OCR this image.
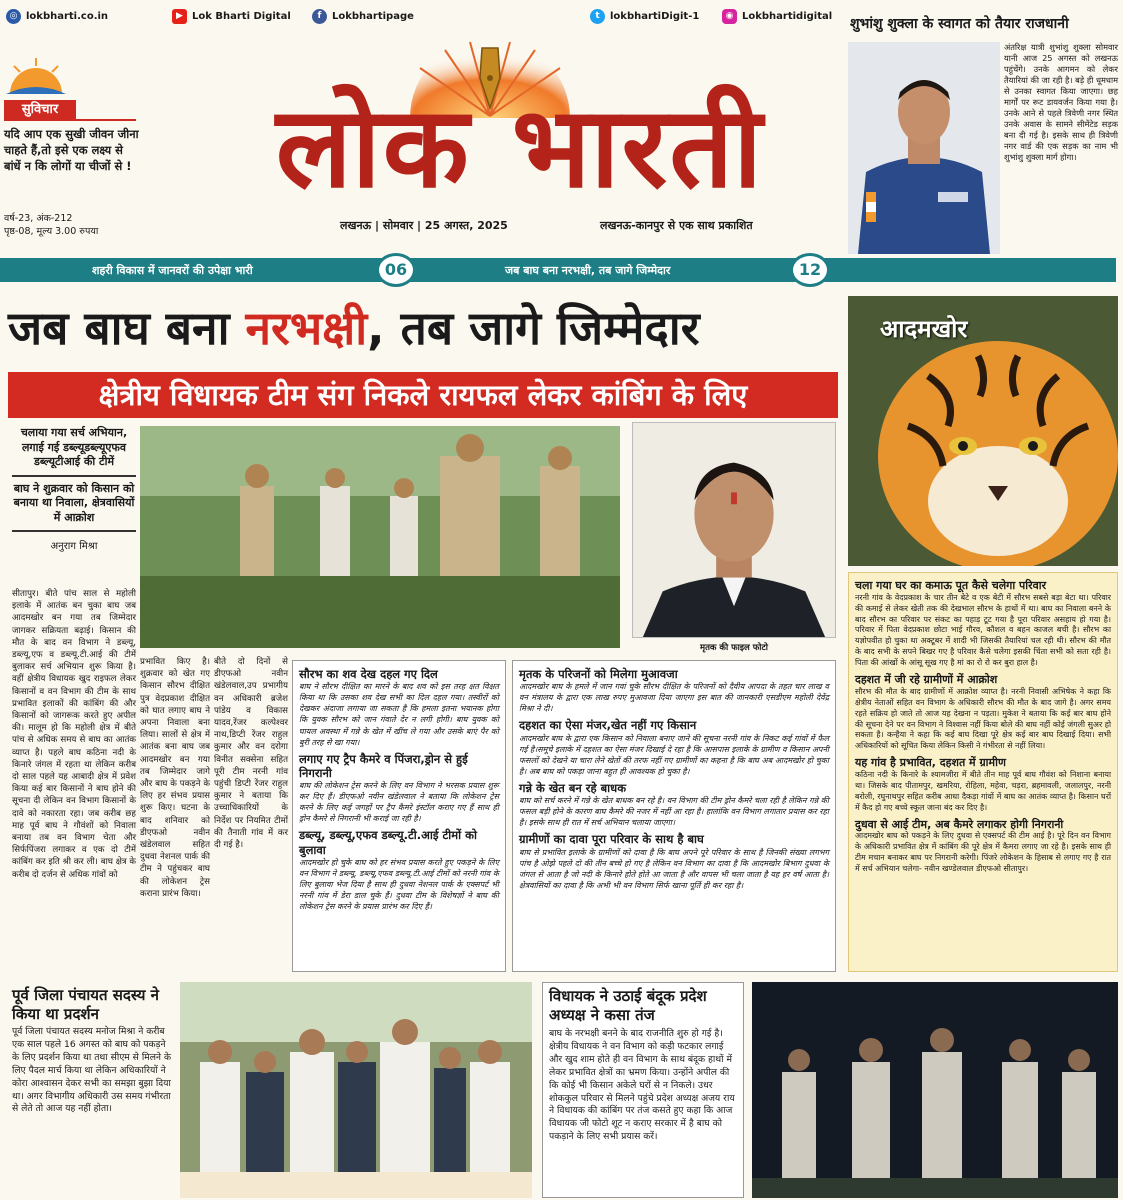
◎ lokbharti.co.in	▶ Lok Bharti Digital	f	Lokbhartipage	t	lokbhartiDigit-1	◉ Lokbhartidigital
लोक भारती
लखनऊ | सोमवार | 25 अगस्त, 2025	लखनऊ-कानपुर से एक साथ प्रकाशित
सुविचार
यदि आप एक सुखी जीवन जीना चाहते हैं,तो इसे एक लक्ष्य से बांधें न कि लोगों या चीजों से !
वर्ष-23, अंक-212
पृष्ठ-08, मूल्य 3.00 रुपया
शुभांशु शुक्ला के स्वागत को तैयार राजधानी
अंतरिक्ष यात्री शुभांशु शुक्ला सोमवार यानी आज 25 अगस्त को लखनऊ पहुंचेंगे। उनके आगमन को लेकर तैयारियां की जा रही है। बड़े ही धूमधाम से उनका स्वागत किया जाएगा। छह मार्गों पर रूट डायवर्जन किया गया है। उनके आने से पहले त्रिवेणी नगर स्थित उनके अवास के सामने सीमेंटेड सड़क बना दी गई है। इसके साथ ही त्रिवेणी नगर वार्ड की एक सड़क का नाम भी शुभांशु शुक्ला मार्ग होगा।
शहरी विकास में जानवरों की उपेक्षा भारी	06	जब बाघ बना नरभक्षी, तब जागे जिम्मेदार	12
जब बाघ बना नरभक्षी, तब जागे जिम्मेदार
क्षेत्रीय विधायक टीम संग निकले रायफल लेकर कांबिंग के लिए
आदमखोर
चलाया गया सर्च अभियान, लगाई गई डब्ल्यूडब्ल्यूएफव डब्ल्यूटीआई की टीमें
बाघ ने शुक्रवार को किसान को बनाया था निवाला, क्षेत्रवासियों में आक्रोश
अनुराग मिश्रा
सीतापुर। बीते पांच साल से महोली इलाके में आतंक बन चुका बाघ जब आदमखोर बन गया तब जिम्मेदार जागकर सक्रियता बढ़ाई। किसान की मौत के बाद वन विभाग ने डब्ल्यू, डब्ल्यू,एफ व डब्ल्यू.टी.आई की टीमें बुलाकर सर्च अभियान शुरू किया है। वहीं क्षेत्रीय विधायक खुद राइफल लेकर किसानों व वन विभाग की टीम के साथ प्रभावित इलाकों की कांबिंग की और किसानों को जागरूक करते हुए अपील की। मालूम हो कि महोली क्षेत्र में बीते पांच से अधिक समय से बाघ का आतंक व्याप्त है। पहले बाघ कठिना नदी के किनारे जंगल में रहता था लेकिन करीब दो साल पहले यह आबादी क्षेत्र में प्रवेश किया कई बार किसानों ने बाघ होने की सूचना दी लेकिन वन विभाग किसानों के दावे को नकारता रहा। जब करीब छह माह पूर्व बाघ ने गौवंशों को निवाला बनाया तब वन विभाग चेता और सिर्फपिंजरा लगाकर व एक दो टीमें कांबिंग कर इति श्री कर ली। बाघ क्षेत्र के करीब दो दर्जन से अधिक गांवों को
प्रभावित किए है। शुक्रवार को खेत गए किसान सौरभ दीक्षित पुत्र वेदप्रकाश दीक्षित को घात लगाए बाघ ने अपना निवाला बना लिया। सालों से क्षेत्र में आतंक बना बाघ जब आदमखोर बन गया तब जिम्मेदार जागे और बाघ के पकड़ने के लिए हर संभव प्रयास शुरू किए। घटना के बाद शनिवार को डीएफओ नवीन खंडेलवाल सहित दुधवा नेशनल पार्क की टीम ने पहुंचकर बाघ की लोकेशन ट्रेस कराना प्रारंभ किया।
बीते दो दिनों से डीएफओ नवीन खंडेलवाल,उप प्रभागीय वन अधिकारी ब्रजेश पांडेय व विकास यादव,रेंजर कल्पेश्वर नाथ,डिप्टी रेंजर राहुल कुमार और वन दरोगा विनीत सक्सेना सहित पूरी टीम नरनी गांव पहुंची डिप्टी रेंजर राहुल कुमार ने बताया कि उच्चाधिकारियों के निर्देश पर नियमित टीमों की तैनाती गांव में कर दी गई है।
मृतक की फाइल फोटो
सौरभ का शव देख दहल गए दिल
बाघ ने सौरभ दीक्षित का मारने के बाद शव को इस तरह क्षत विक्षत किया था कि उसका शव देख सभी का दिल दहल गया। तस्वीरों को देखकर अंदाजा लगाया जा सकता है कि हमला इतना भयानक होगा कि युवक सौरभ को जान गंवाते देर न लगी होगी। बाघ युवक को घायल अवस्था में गन्ने के खेत में खींच ले गया और उसके बाएं पैर को बुरी तरह से खा गया।
लगाए गए ट्रैप कैमरे व पिंजरा,ड्रोन से हुई निगरानी
बाघ की लोकेशन ट्रेस करने के लिए वन विभाग ने भरसक प्रयास शुरू कर दिए हैं। डीएफओ नवीन खंडेलवाल ने बताया कि लोकेशन ट्रेस करने के लिए कई जगहों पर ट्रैप कैमरे इंस्टॉल कराए गए हैं साथ ही ड्रोन कैमरे से निगरानी भी कराई जा रही है।
डब्ल्यू, डब्ल्यू,एफव डब्ल्यू.टी.आई टीमों को बुलावा
आदमखोर हो चुके बाघ को हर संभव प्रयास करते हुए पकड़ने के लिए वन विभाग ने डब्ल्यू, डब्ल्यू,एफव डब्ल्यू.टी.आई टीमों को नरनी गांव के लिए बुलावा भेज दिया है साथ ही दुधवा नेशनल पार्क के एक्सपर्ट भी नरनी गांव में डेरा डाल चुके हैं। दुधवा टीम के विशेषज्ञों ने बाघ की लोकेशन ट्रेस करने के प्रयास प्रारंभ कर दिए हैं।
मृतक के परिजनों को मिलेगा मुआवजा
आदमखोर बाघ के हमले में जान गवां चुके सौरभ दीक्षित के परिजनों को दैवीय आपदा के तहत चार लाख व वन मंत्रालय के द्वारा एक लाख रुपए मुआवजा दिया जाएगा इस बात की जानकारी एसडीएम महोली देवेंद्र मिश्रा ने दी।
दहशत का ऐसा मंजर,खेत नहीं गए किसान
आदमखोर बाघ के द्वारा एक किसान को निवाला बनाए जाने की सूचना नरनी गांव के निकट कई गांवों में फैल गई है।समूचे इलाके में दहशत का ऐसा मंजर दिखाई दे रहा है कि आसपास इलाके के ग्रामीण व किसान अपनी फसलों को देखने या चारा लेने खेतों की तरफ नहीं गए ग्रामीणों का कहना है कि बाघ अब आदमखोर हो चुका है। अब बाघ को पकड़ा जाना बहुत ही आवश्यक हो चुका है।
गन्ने के खेत बन रहे बाधक
बाघ को सर्च करने में गन्ने के खेत बाधक बन रहे है। वन विभाग की टीम ड्रोन कैमरे चला रही है लेकिन गन्ने की फसल बड़ी होने के कारण बाघ कैमरे की नजर में नहीं आ रहा है। हालांकि वन विभाग लगातार प्रयास कर रहा है। इसके साथ ही रात में सर्च अभियान चलाया जाएगा।
ग्रामीणों का दावा पूरा परिवार के साथ है बाघ
बाघ से प्रभावित इलाके के ग्रामीणों को दावा है कि बाघ अपने पूरे परिवार के साथ है जिनकी संख्या लगभग पांच है ओझे पहले दो की तीन बच्चे हो गए है लेकिन वन विभाग का दावा है कि आदमखोर बिभाग दुधवा के जंगल से आता है जो नदी के किनारे होते होते आ जाता है और वापस भी चला जाता है यह हर वर्ष आता है। क्षेत्रवासियों का दावा है कि अभी भी वन विभाग सिर्फ खाना पूर्ति ही कर रहा है।
चला गया घर का कमाऊ पूत कैसे चलेगा परिवार
नरनी गांव के वेदप्रकाश के चार तीन बेटे व एक बेटी में सौरभ सबसे बड़ा बेटा था। परिवार की कमाई से लेकर खेती तक की देखभाल सौरभ के हाथों में था। बाघ का निवाला बनने के बाद सौरभ का परिवार पर संकट का पहाड़ टूट गया है पूरा परिवार असहाय हो गया है। परिवार में पिता वेदप्रकाश छोटा भाई गौरव, कौशल व बहन काजल बची है। सौरभ का यज्ञोपवीत हो चुका था अक्टूबर में शादी भी जिसकी तैयारियां चल रही थी। सौरभ की मौत के बाद सभी के सपने बिखर गए है परिवार कैसे चलेगा इसकी चिंता सभी को सता रही है। पिता की आंखों के आंसू सूख गए है मां का रो रो कर बुरा हाल है।
दहशत में जी रहे ग्रामीणों में आक्रोश
सौरभ की मौत के बाद ग्रामीणों में आक्रोश व्याप्त है। नरनी निवासी अभिषेक ने कहा कि क्षेत्रीय नेताओं सहित वन विभाग के अधिकारी सौरभ की मौत के बाद जागे है। अगर समय रहते सक्रिय हो जाते तो आज यह देखना न पड़ता। मुकेश ने बताया कि कई बार बाघ होने की सूचना देने पर वन विभाग ने विश्वास नहीं किया बोले की बाघ नहीं कोई जंगली सुअर हो सकता है। कन्हैया ने कहा कि कई बाघ दिखा पूरे क्षेत्र कई बार बाघ दिखाई दिया। सभी अधिकारियों को सूचित किया लेकिन किसी ने गंभीरता से नहीं लिया।
यह गांव है प्रभावित, दहशत में ग्रामीण
कठिना नदी के किनारे के श्यामजीरा में बीते तीन माह पूर्व बाघ गौवंश को निशाना बनाया था। जिसके बाद पीतामपुर, खमरिया, रोहिला, महेवा, चड़रा, ब्रहमावली, जलालपुर, नरनी बरोली, रघुनाथपुर सहित करीब आधा दैकड़ा गांवों में बाघ का आतंक व्याप्त है। किसान घरों में कैद हो गए बच्चे स्कूल जाना बंद कर दिए है।
दुधवा से आई टीम, अब कैमरे लगाकर होगी निगरानी
आदमखोर बाघ को पकड़ने के लिए दुधवा से एक्सपर्ट की टीम आई है। पूरे दिन वन विभाग के अधिकारी प्रभावित क्षेत्र में कांबिंग की पूरे क्षेत्र में कैमरा लगाए जा रहे है। इसके साथ ही टीम मचान बनाकर बाघ पर निगरानी करेगी। पिंजरे लोकेशन के हिसाब से लगाए गए है रात में सर्च अभियान चलेगा- नवीन खण्डेलवाल डीएफओ सीतापुर।
पूर्व जिला पंचायत सदस्य ने किया था प्रदर्शन
पूर्व जिला पंचायत सदस्य मनोज मिश्रा ने करीब एक साल पहले 16 अगस्त को बाघ को पकड़ने के लिए प्रदर्शन किया था तथा सीएम से मिलने के लिए पैदल मार्च किया था लेकिन अधिकारियों ने कोरा आश्वासन देकर सभी का समझा बुझा दिया था। अगर विभागीय अधिकारी उस समय गंभीरता से लेते तो आज यह नहीं होता।
विधायक ने उठाई बंदूक प्रदेश अध्यक्ष ने कसा तंज
बाघ के नरभक्षी बनने के बाद राजनीति शुरु हो गई है। क्षेत्रीय विधायक ने वन विभाग को कड़ी फटकार लगाई और खुद शाम होते ही वन विभाग के साथ बंदूक हाथों में लेकर प्रभावित क्षेत्रों का भ्रमण किया। उन्होंने अपील की कि कोई भी किसान अकेले घरों से न निकले। उधर शोककुल परिवार से मिलने पहुंचे प्रदेश अध्यक्ष अजय राय ने विधायक की कांबिंग पर तंज कसते हुए कहा कि आज विधायक जी फोटो शूट न कराए सरकार में है बाघ को पकड़ाने के लिए सभी प्रयास करें।
